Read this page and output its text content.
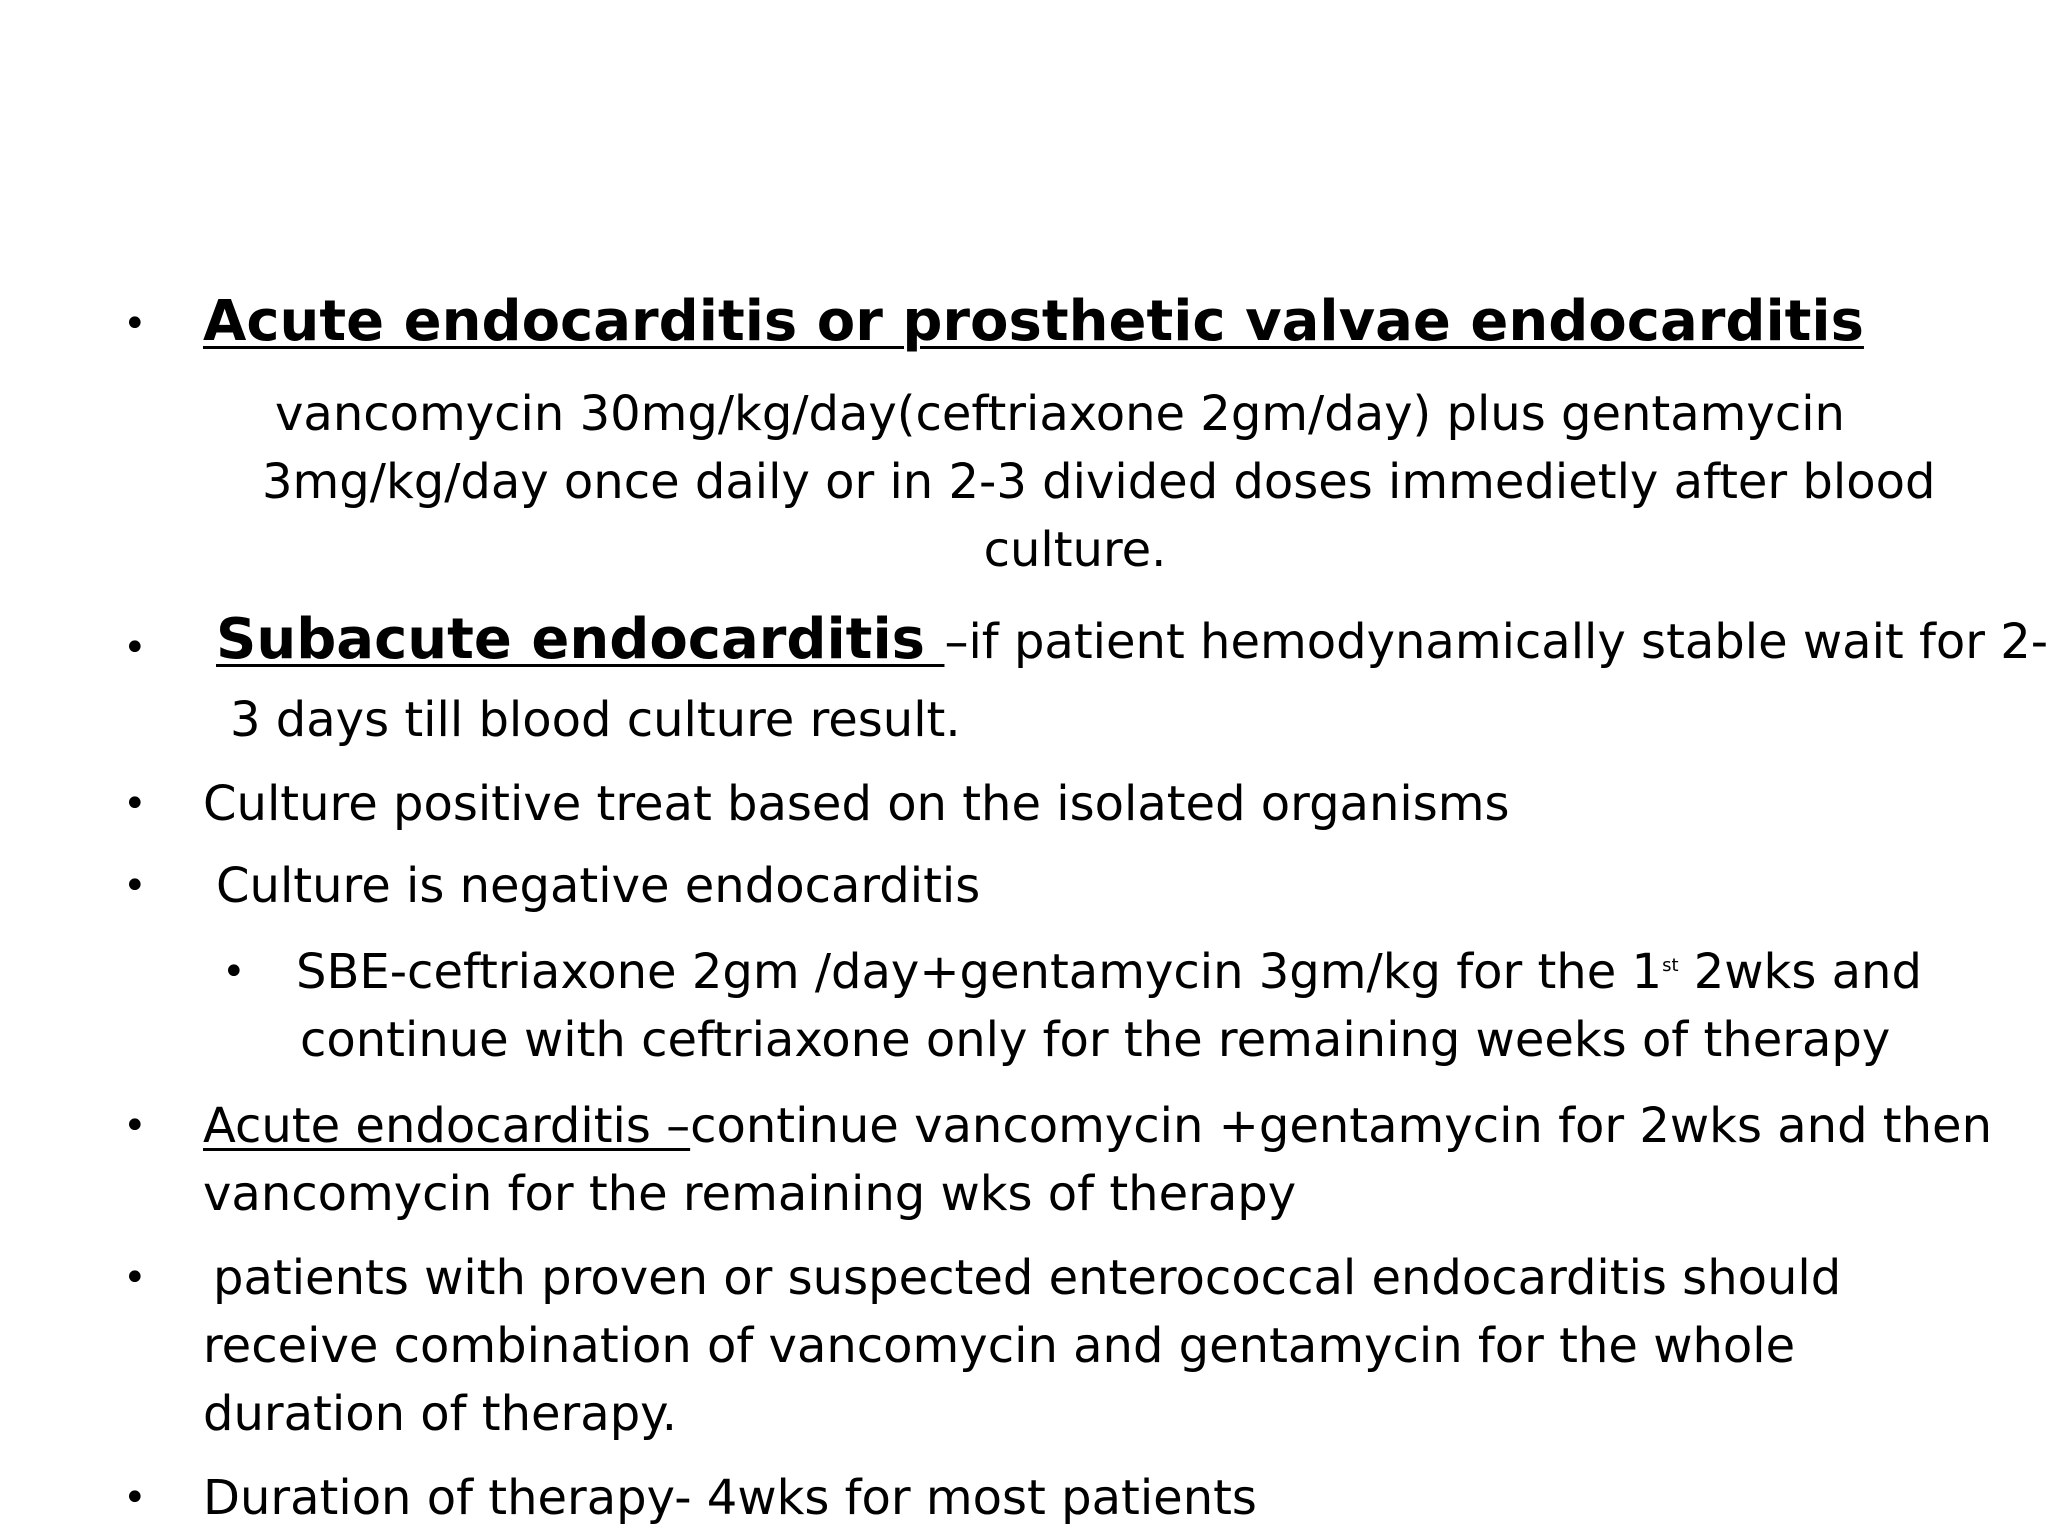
• Acute endocarditis or prosthetic valvae endocarditis
vancomycin 30mg/kg/day(ceftriaxone 2gm/day) plus gentamycin
3mg/kg/day once daily or in 2-3 divided doses immedietly after blood
culture.
• Subacute endocarditis –if patient hemodynamically stable wait for 2-
3 days till blood culture result.
• Culture positive treat based on the isolated organisms
• Culture is negative endocarditis
• SBE-ceftriaxone 2gm /day+gentamycin 3gm/kg for the 1st 2wks and
continue with ceftriaxone only for the remaining weeks of therapy
• Acute endocarditis –continue vancomycin +gentamycin for 2wks and then
vancomycin for the remaining wks of therapy
• patients with proven or suspected enterococcal endocarditis should
receive combination of vancomycin and gentamycin for the whole
duration of therapy.
• Duration of therapy- 4wks for most patients
